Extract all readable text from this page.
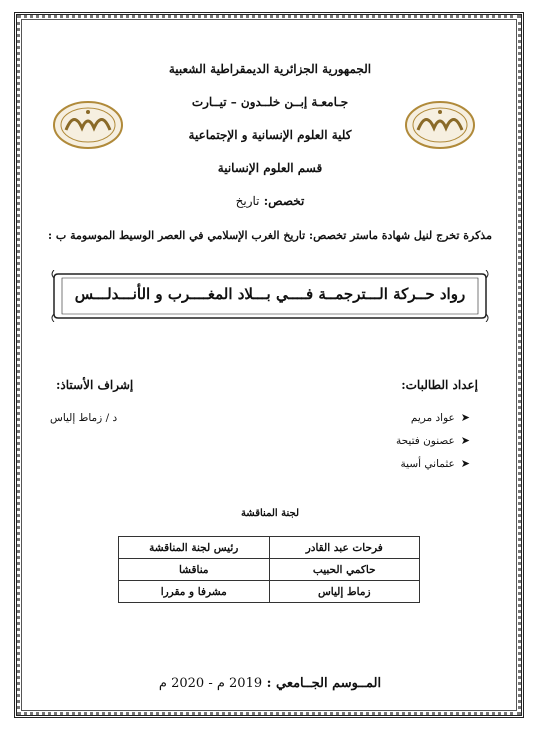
الجمهورية الجزائرية الديمقراطية الشعبية
جـامعـة إبــن خلــدون – تيــارت
كلية العلوم الإنسانية و الإجتماعية
قسم العلوم الإنسانية
تخصص: تاريخ
مذكرة تخرج لنيل شهادة ماستر تخصص: تاريخ الغرب الإسلامي في العصر الوسيط الموسومة ب :
رواد حــركة الـــترجمــة فــــي بـــلاد المغــــرب و الأنـــدلـــس
إعداد الطالبات:
إشراف الأستاذ:
➤عواد مريم
➤عصنون فتيحة
➤عثماني أسية
د / زماط إلياس
لجنة المناقشة
فرحات عبد القادر	رئيس لجنة المناقشة
حاكمي الحبيب	مناقشا
زماط إلياس	مشرفا و مقررا
المــوسم الجــامعي : 2019 م - 2020 م
